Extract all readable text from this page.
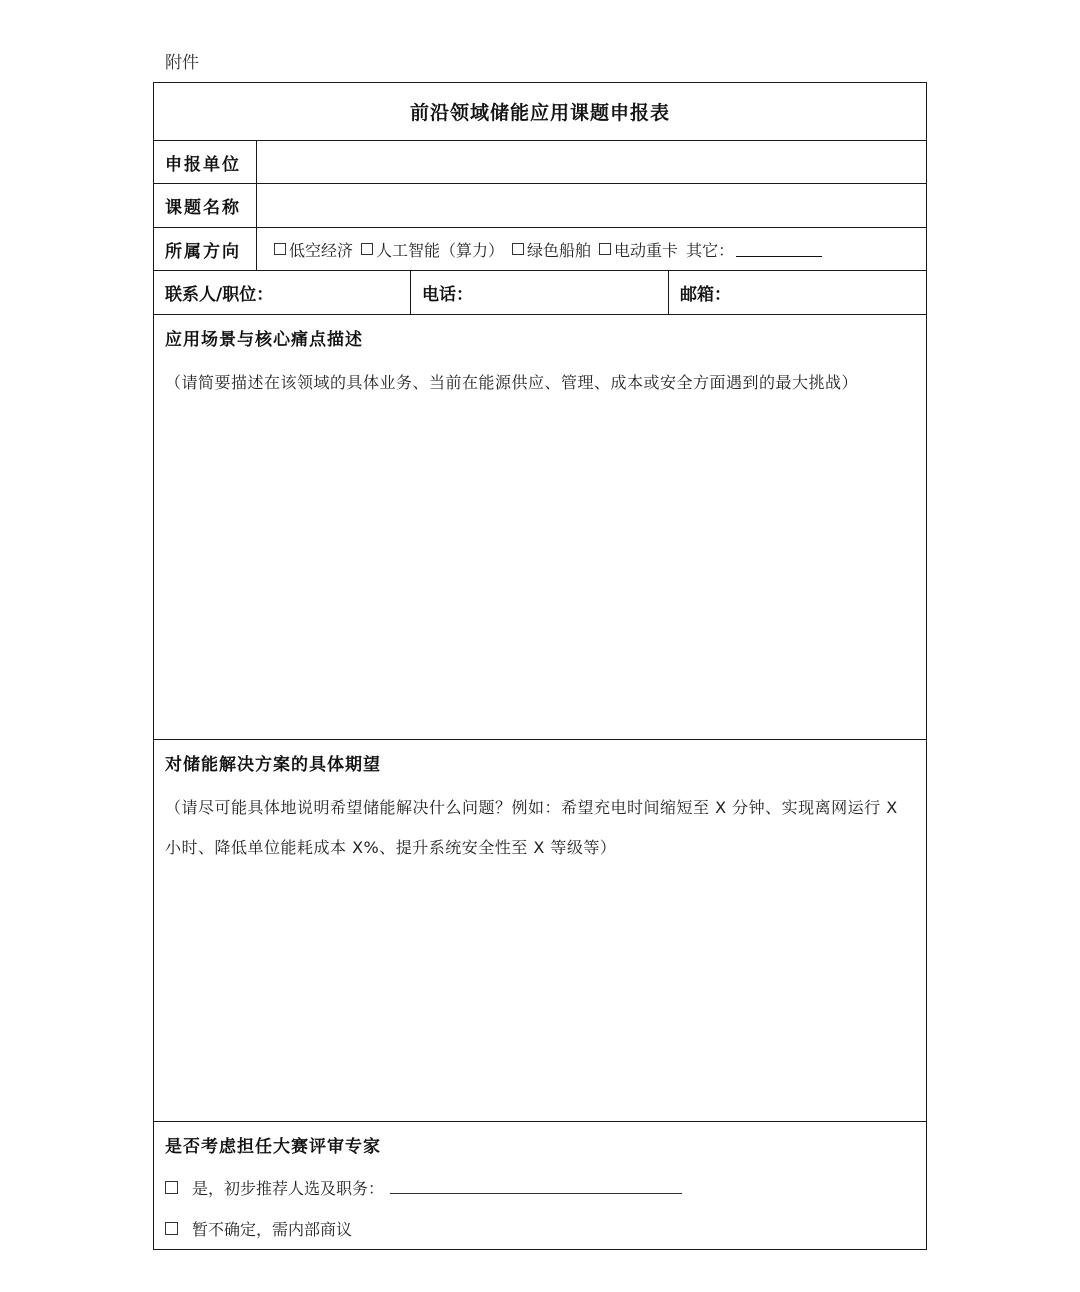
附件
前沿领域储能应用课题申报表
申报单位
课题名称
所属方向	低空经济 人工智能（算力） 绿色船舶 电动重卡 其它：
联系人/职位：	电话：	邮箱：
应用场景与核心痛点描述
（请简要描述在该领域的具体业务、当前在能源供应、管理、成本或安全方面遇到的最大挑战）
对储能解决方案的具体期望
（请尽可能具体地说明希望储能解决什么问题？例如：希望充电时间缩短至 X 分钟、实现离网运行 X 小时、降低单位能耗成本 X%、提升系统安全性至 X 等级等）
是否考虑担任大赛评审专家
是，初步推荐人选及职务：
暂不确定，需内部商议
